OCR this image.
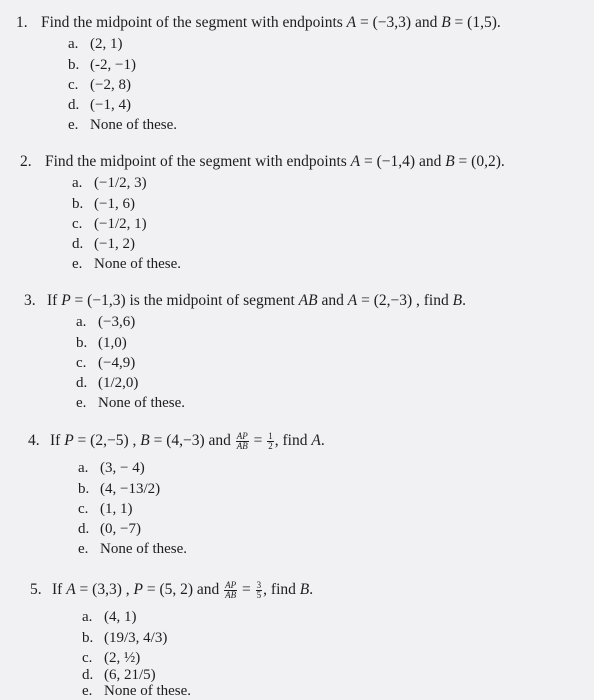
1. Find the midpoint of the segment with endpoints A = (−3,3) and B = (1,5).
a. (2, 1)
b. (-2, −1)
c. (−2, 8)
d. (−1, 4)
e. None of these.
2. Find the midpoint of the segment with endpoints A = (−1,4) and B = (0,2).
a. (−1/2, 3)
b. (−1, 6)
c. (−1/2, 1)
d. (−1, 2)
e. None of these.
3. If P = (−1,3) is the midpoint of segment AB and A = (2,−3) , find B.
a. (−3,6)
b. (1,0)
c. (−4,9)
d. (1/2,0)
e. None of these.
4. If P = (2,−5) , B = (4,−3) and $\frac{AP}{AB} = \frac{1}{2}$ , find A.
a. (3, − 4)
b. (4, −13/2)
c. (1, 1)
d. (0, −7)
e. None of these.
5. If A = (3,3) , P = (5, 2) and $\frac{AP}{AB} = \frac{3}{5}$ , find B.
a. (4, 1)
b. (19/3, 4/3)
c. (2, ½)
d. (6, 21/5)
e. None of these.
